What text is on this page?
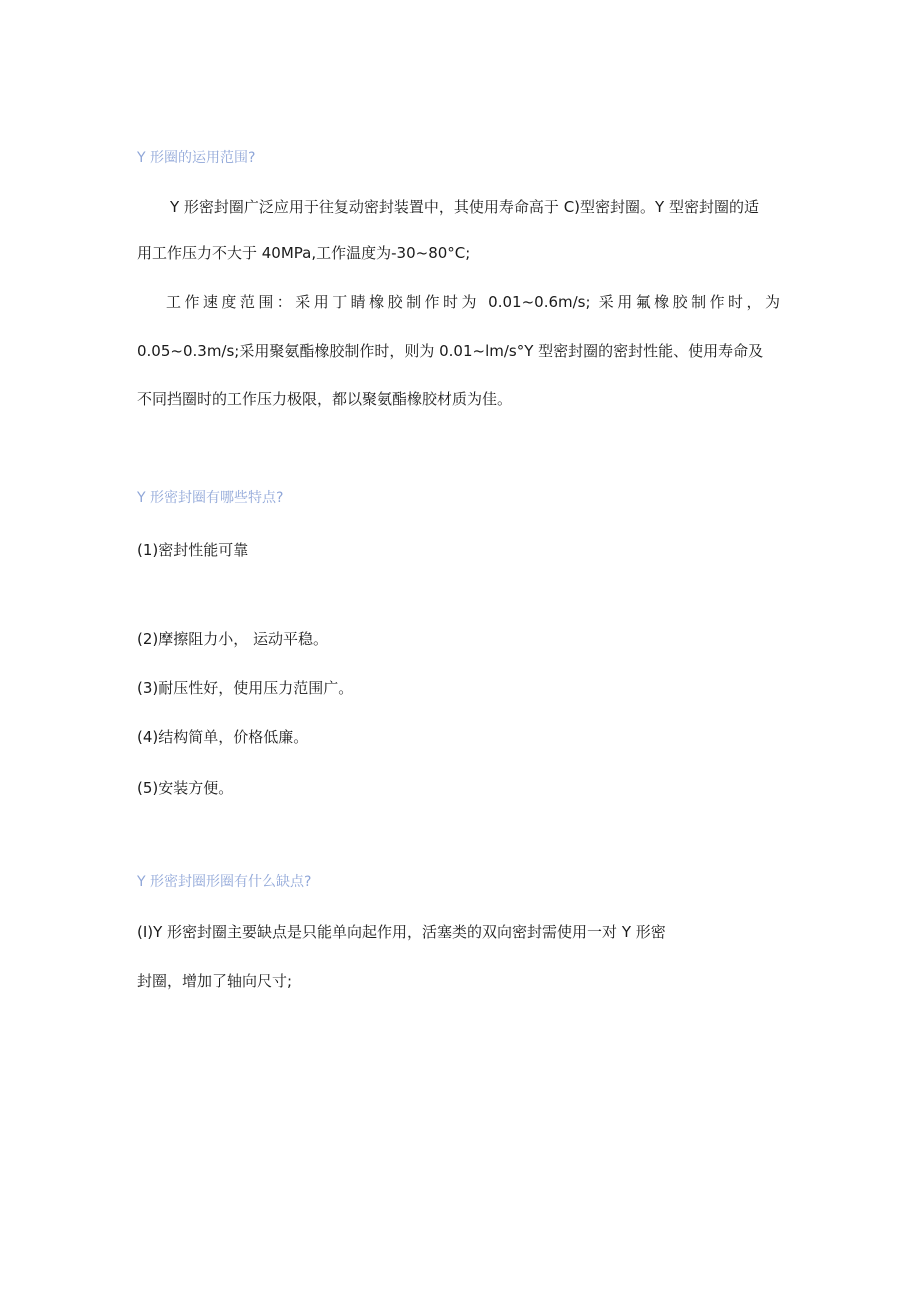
Y 形圈的运用范围?
Y 形密封圈广泛应用于往复动密封装置中，其使用寿命高于 C)型密封圈。Y 型密封圈的适
用工作压力不大于 40MPa,工作温度为-30~80°C;
工作速度范围：采用丁睛橡胶制作时为 0.01~0.6m∕s; 采用氟橡胶制作时，为
0.05~0.3m∕s;采用聚氨酯橡胶制作时，则为 0.01~lm∕s°Y 型密封圈的密封性能、使用寿命及
不同挡圈时的工作压力极限，都以聚氨酯橡胶材质为佳。
Y 形密封圈有哪些特点?
(1)密封性能可靠
(2)摩擦阻力小， 运动平稳。
(3)耐压性好，使用压力范围广。
(4)结构简单，价格低廉。
(5)安装方便。
Y 形密封圈形圈有什么缺点?
(I)Y 形密封圈主要缺点是只能单向起作用，活塞类的双向密封需使用一对 Y 形密
封圈，增加了轴向尺寸;
